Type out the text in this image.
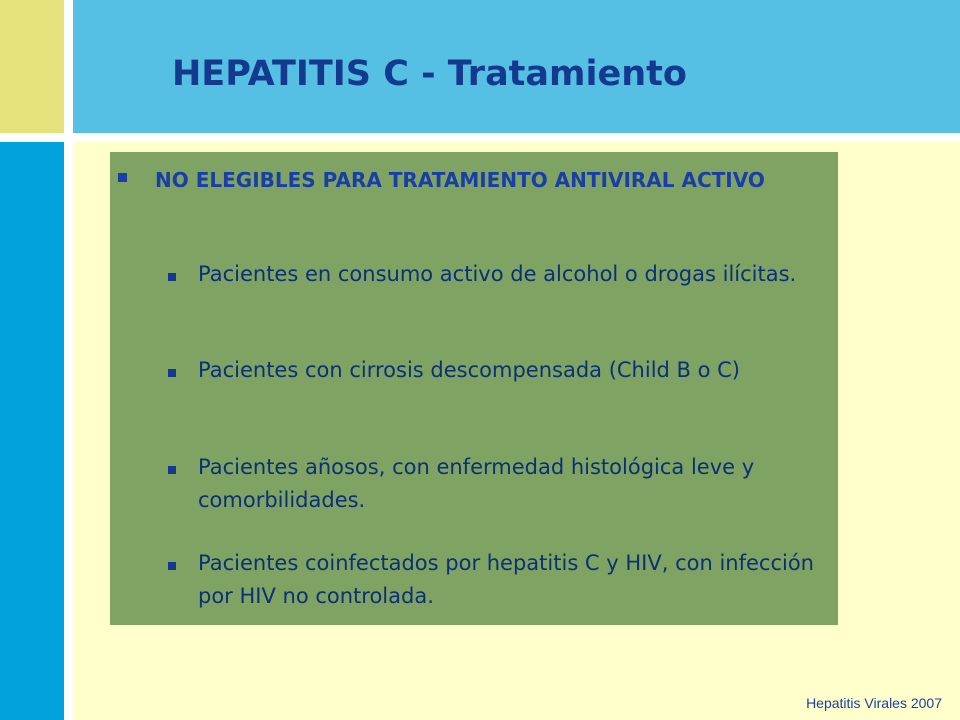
HEPATITIS C - Tratamiento
NO ELEGIBLES PARA TRATAMIENTO ANTIVIRAL ACTIVO
Pacientes en consumo activo de alcohol o drogas ilícitas.
Pacientes con cirrosis descompensada (Child B o C)
Pacientes añosos, con enfermedad histológica leve y comorbilidades.
Pacientes coinfectados por hepatitis C y HIV, con infección por HIV no controlada.
Hepatitis Virales 2007
